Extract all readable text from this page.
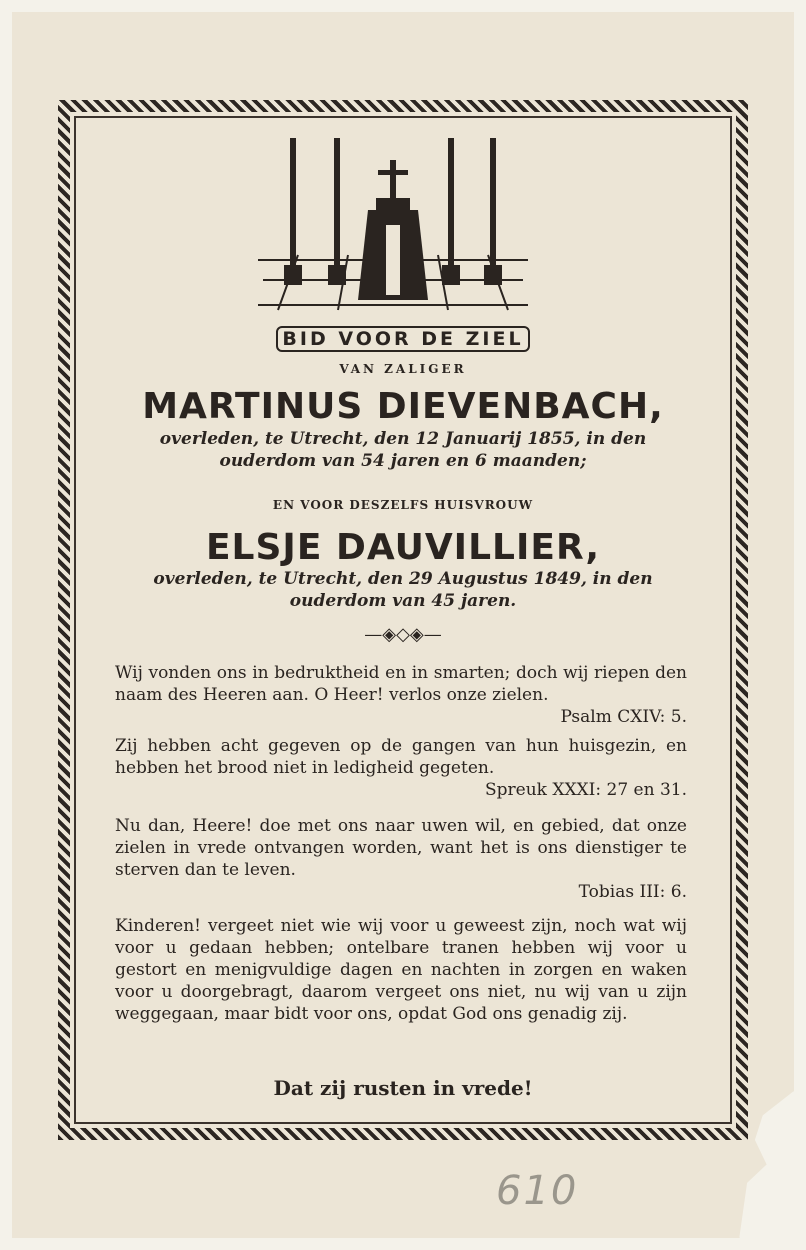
BID VOOR DE ZIEL
VAN ZALIGER
MARTINUS DIEVENBACH,
overleden, te Utrecht, den 12 Januarij 1855, in den
ouderdom van 54 jaren en 6 maanden;
EN VOOR DESZELFS HUISVROUW
ELSJE DAUVILLIER,
overleden, te Utrecht, den 29 Augustus 1849, in den
ouderdom van 45 jaren.
—◈◇◈—
Wij vonden ons in bedruktheid en in smarten; doch wij riepen den naam des Heeren aan. O Heer! verlos onze zielen.
Psalm CXIV: 5.
Zij hebben acht gegeven op de gangen van hun huisgezin, en hebben het brood niet in ledigheid gegeten.
Spreuk XXXI: 27 en 31.
Nu dan, Heere! doe met ons naar uwen wil, en gebied, dat onze zielen in vrede ontvangen worden, want het is ons dienstiger te sterven dan te leven.
Tobias III: 6.
Kinderen! vergeet niet wie wij voor u geweest zijn, noch wat wij voor u gedaan hebben; ontelbare tranen hebben wij voor u gestort en menigvuldige dagen en nachten in zorgen en waken voor u doorgebragt, daarom vergeet ons niet, nu wij van u zijn weggegaan, maar bidt voor ons, opdat God ons genadig zij.
Dat zij rusten in vrede!
610
